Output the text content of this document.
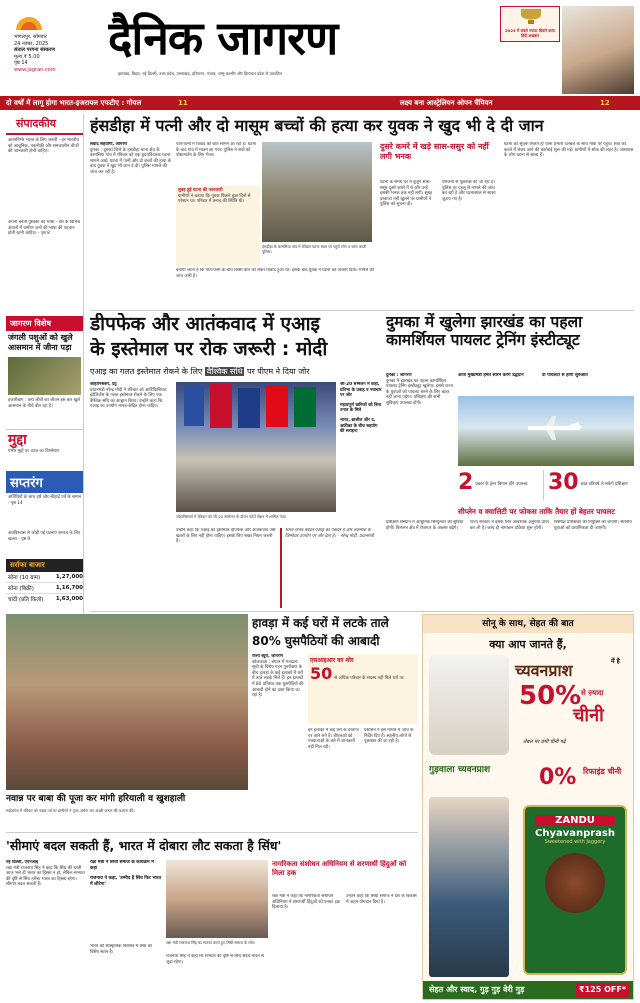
भागलपुर, सोमवार
24 नवंबर, 2025
संताल परगना संस्करण
मूल्य ₹ 5.00
पृष्ठ 14
www.jagran.com
दैनिक जागरण
झारखंड, बिहार, नई दिल्ली, उत्तर प्रदेश, उत्तराखंड, हरियाणा, पंजाब, जम्मू-कश्मीर और हिमाचल प्रदेश से प्रकाशित
2025 में सबसे ज्यादा बिकने वाला हिंदी अखबार
दो वर्षों में लागू होगा भारत-इजरायल एफटीए : गोयल	11	लक्ष्य बना आस्ट्रेलियन ओपन चैंपियन	12
संपादकीय
आत्मनिर्भर भारत के लिए जरूरी - हर भारतीय को आधुनिक, तकनीकी और समकालीन चीजों की जानकारी होनी चाहिए।
अपना बनती पुस्तकों की भाषा - देश के विभिन्न अंचलों में ग्रामीण जनों की भाषा की पहचान होती रहनी चाहिए। - पृष्ठ 8
जागरण विशेष
जंगली पशुओं को खुले आसमान में जीना पड़ा
हजारीबाग : वन्य जीवों का जीवन इस बार खुले आसमान के नीचे बीत रहा है।
मुद्दा
गंभीर मुद्दों पर आज का विश्लेषण
सप्तरंग
अतिथियों के साथ हर्ष और सौहार्द्र पर्व के समान - पृष्ठ 14
अंधविश्वास से जोड़ी गई घटनाएं समाज के लिए खतरा - पृष्ठ 9
सर्राफा बाजार
सोना (10 ग्राम)	1,27,000
सोना (बिक्री)	1,16,700
चांदी (प्रति किलो)	1,63,000
हंसडीहा में पत्नी और दो मासूम बच्चों की हत्या कर युवक ने खुद भी दे दी जान
संवाद सहयोगी, जागरण
दुमका : दुमका जिले के हंसडीहा थाना क्षेत्र के बरमसिया गांव में रविवार को एक हृदयविदारक घटना सामने आई। घटना में पत्नी और दो बच्चों की हत्या के बाद युवक ने खुद भी जान दे दी। पुलिस मामले की जांच कर रही है।
पति-पत्नी में विवाद की बात सामने आ रही है। घटना के बाद गांव में मातम छा गया। पुलिस ने शवों को पोस्टमार्टम के लिए भेजा।
सुबह हुई घटना की जानकारी
ग्रामीणों ने बताया कि युवक पिछले कुछ दिनों से परेशान था। परिवार में तनाव की स्थिति थी।
हंसडीहा के बरमसिया गांव में रविवार घटना स्थल पर पहुंचे लोग व जांच करती पुलिस।
बताया जाता है कि पति-पत्नी के बीच किसी बात को लेकर विवाद हुआ था। इसके बाद युवक ने घटना को अंजाम दिया। मामले की जांच जारी है।
दुसरे कमरे में खड़े सास-ससुर को नहीं लगी भनक
घटना के समय घर में बुजुर्ग सास-ससुर दूसरे कमरे में थे और उन्हें इसकी भनक तक नहीं लगी। सुबह दरवाजा नहीं खुलने पर ग्रामीणों ने पुलिस को सूचना दी।
परिजनों से पूछताछ की जा रही है। पुलिस हर पहलू से मामले की जांच कर रही है और घटनास्थल से साक्ष्य जुटाए गए हैं।
घटना की सूचना मिलते ही थाना प्रभारी दलबल के साथ मौके पर पहुंचे। शवों को कब्जे में लेकर आगे की कार्रवाई शुरू की गई। ग्रामीणों में शोक की लहर है। आसपास के लोग घटना से स्तब्ध हैं।
डीपफेक और आतंकवाद में एआइ
के इस्तेमाल पर रोक जरूरी : मोदी
एआइ का गलत इस्तेमाल रोकने के लिए वैश्विक संधि पर पीएम ने दिया जोर
जोहानिसबर्ग, प्रेट्र
प्रधानमंत्री नरेन्द्र मोदी ने रविवार को आर्टिफिशियल इंटेलिजेंस के गलत इस्तेमाल रोकने के लिए एक वैश्विक संधि का आह्वान किया। उन्होंने कहा कि एआइ का उपयोग मानव-केंद्रित होना चाहिए।
जोहानिसबर्ग में रविवार को जी-20 सम्मेलन के दौरान फोटो सेशन में शामिल नेता।
जी-20 सम्मेलन में कहा, प्रतिभा के प्रवाह व नवाचार पर जोर
महत्वपूर्ण खनिजों को बिना तनाव के मिले
भारत, ब्राजील और द. अफ्रीका के बीच सहयोग की सराहना
उन्होंने कहा कि एआइ का इस्तेमाल डीपफेक और आतंकवाद जैसे खतरों के लिए नहीं होना चाहिए। इसके लिए सख्त नियम जरूरी हैं।
भारत मानव केंद्रित एआइ का पक्षधर है और तकनीक के जिम्मेदार उपयोग पर जोर देता है। - नरेन्द्र मोदी, प्रधानमंत्री
दुमका में खुलेगा झारखंड का पहला कामर्शियल पायलट ट्रेनिंग इंस्टीट्यूट
दुमका : जागरण
दुमका में झारखंड का पहला कामर्शियल पायलट ट्रेनिंग इंस्टीट्यूट खुलेगा। इससे राज्य के युवाओं को पायलट बनने के लिए बाहर नहीं जाना पड़ेगा। प्रशिक्षण की सभी सुविधाएं उपलब्ध होंगी।
आज मुख्यमंत्री हेमंत सोरेन करेंगे उद्घाटन	दो पायलटों से होगी शुरुआत
2 प्रकार के ट्रेनर विमान होंगे उपलब्ध 30 छात्र प्रतिवर्ष ले सकेंगे प्रशिक्षण
सीप्लेन व क्वालिटी पर फोकस ताकि तैयार हों बेहतर पायलट
प्रशिक्षण संस्थान में आधुनिक सिम्युलेटर की सुविधा होगी। विमानन क्षेत्र में रोजगार के अवसर बढ़ेंगे।
राज्य सरकार ने इसके लिए आवश्यक अनुमति प्राप्त कर ली है। जल्द ही नामांकन प्रक्रिया शुरू होगी।
विशेषज्ञ प्रशिक्षकों की नियुक्ति की जाएगी। स्थानीय युवाओं को प्राथमिकता दी जाएगी।
नवान्न पर बाबा की पूजा कर मांगी हरियाली व खुशहाली
साहेबगंज में रविवार को नवान्न पर्व पर ग्रामीणों ने पूजा-अर्चना कर अच्छी फसल की कामना की।
हावड़ा में कई घरों में लटके ताले
80% घुसपैठियों की आबादी
राज्य ब्यूरो, जागरण
कोलकाता : बंगाल में मतदाता सूची के विशेष गहन पुनरीक्षण के बीच हावड़ा के कई इलाकों में घरों में ताले लटके मिले हैं। इन इलाकों में 80 प्रतिशत तक घुसपैठियों की आबादी होने का दावा किया जा रहा है।
एसआइआर का शोर
50 से अधिक परिवार के सदस्य नहीं मिले घरों पर
इन इलाकों में कई घरों के दरवाजे पर ताले लगे हैं। बीएलओ को मतदाताओं के बारे में जानकारी नहीं मिल रही।
प्रशासन ने इस मामले में जांच के निर्देश दिए हैं। स्थानीय लोगों से पूछताछ की जा रही है।
सोनू के साथ, सेहत की बात
क्या आप जानते हैं,
च्यवनप्राश	में है
50% से ज़्यादा
चीनी
लेबल पर छपी चीनी पढ़ें
गुड़वाला च्यवनप्राश	0% रिफाइंड चीनी
ZANDU
Chyavanprash
Sweetened with Jaggery
सेहत और स्वाद, गुड़ गुड़ वेरी गुड़	₹125 OFF*
'सीमाएं बदल सकती हैं, भारत में दोबारा लौट सकता है सिंध'
नई दिल्ली, एएनआइ
रक्षा मंत्री राजनाथ सिंह ने कहा कि सिंध की धरती आज भले ही भारत का हिस्सा न हो, लेकिन सभ्यता की दृष्टि से सिंध हमेशा भारत का हिस्सा रहेगा। सीमाएं बदल सकती हैं।
रक्षा मंत्री ने सिंधी समाज के कार्यक्रम में कहा
राजनाथ ने कहा, 'उम्मीद है सिंध फिर भारत में लौटेगा'
रक्षा मंत्री राजनाथ सिंह का स्वागत करते हुए सिंधी समाज के लोग।
नागरिकता संशोधन अधिनियम से शरणार्थी हिंदुओं को मिला हक
रक्षा मंत्री ने कहा कि नागरिकता संशोधन अधिनियम ने शरणार्थी हिंदुओं को उनका हक दिलाया है।
उन्होंने कहा कि सिंधी समाज ने देश के विकास में अहम योगदान दिया है।
भारत की सांस्कृतिक विरासत में सिंध का विशेष स्थान है।
राजनाथ सिंह ने कहा कि सभ्यता की दृष्टि से सिंध सदैव भारत से जुड़ा रहेगा।
